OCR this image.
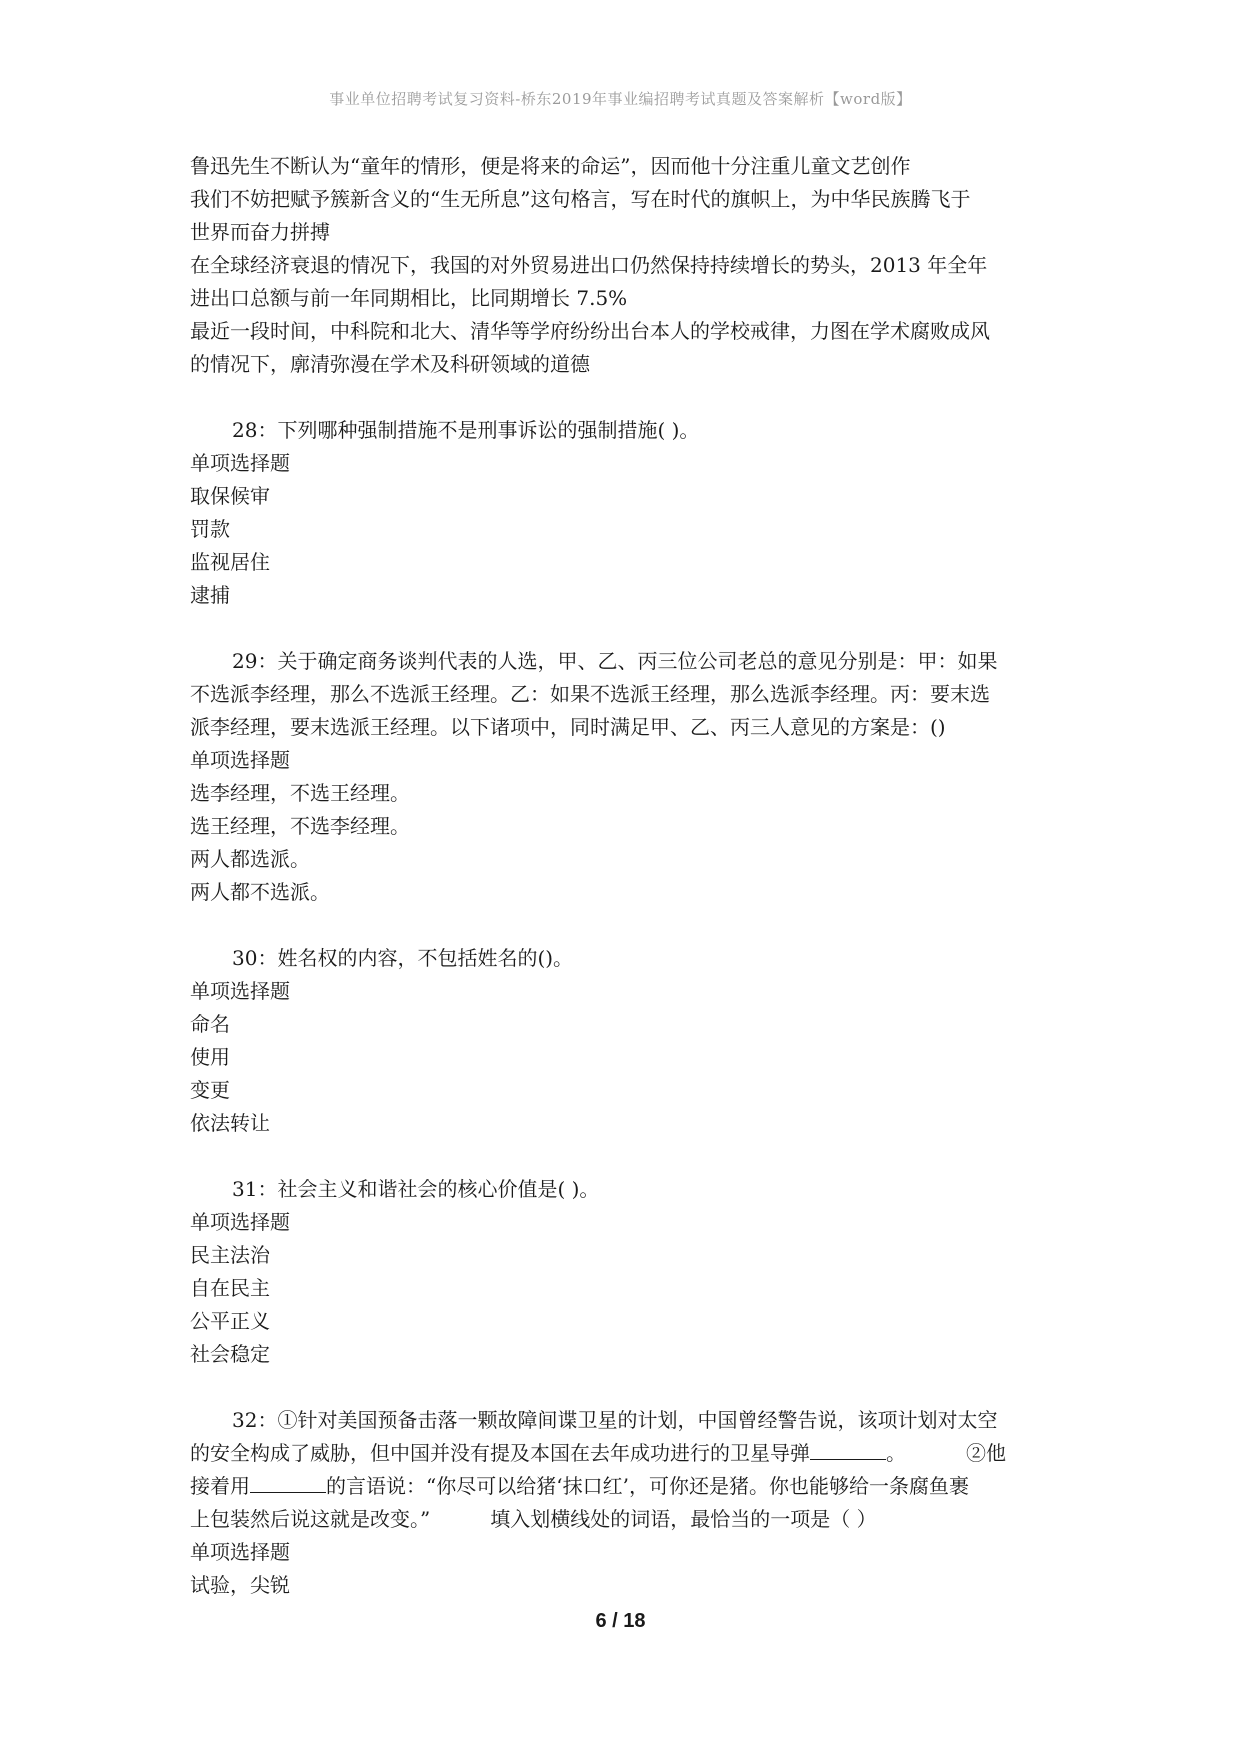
事业单位招聘考试复习资料-桥东2019年事业编招聘考试真题及答案解析【word版】
鲁迅先生不断认为“童年的情形，便是将来的命运”，因而他十分注重儿童文艺创作
我们不妨把赋予簇新含义的“生无所息”这句格言，写在时代的旗帜上，为中华民族腾飞于
世界而奋力拼搏
在全球经济衰退的情况下，我国的对外贸易进出口仍然保持持续增长的势头，2013 年全年
进出口总额与前一年同期相比，比同期增长 7.5%
最近一段时间，中科院和北大、清华等学府纷纷出台本人的学校戒律，力图在学术腐败成风
的情况下，廓清弥漫在学术及科研领域的道德
28：下列哪种强制措施不是刑事诉讼的强制措施( )。
单项选择题
取保候审
罚款
监视居住
逮捕
29：关于确定商务谈判代表的人选，甲、乙、丙三位公司老总的意见分别是：甲：如果
不选派李经理，那么不选派王经理。乙：如果不选派王经理，那么选派李经理。丙：要末选
派李经理，要末选派王经理。以下诸项中，同时满足甲、乙、丙三人意见的方案是：()
单项选择题
选李经理，不选王经理。
选王经理，不选李经理。
两人都选派。
两人都不选派。
30：姓名权的内容，不包括姓名的()。
单项选择题
命名
使用
变更
依法转让
31：社会主义和谐社会的核心价值是( )。
单项选择题
民主法治
自在民主
公平正义
社会稳定
32：①针对美国预备击落一颗故障间谍卫星的计划，中国曾经警告说，该项计划对太空
的安全构成了威胁，但中国并没有提及本国在去年成功进行的卫星导弹	。	②他
接着用	的言语说：“你尽可以给猪‘抹口红’，可你还是猪。你也能够给一条腐鱼裹
上包装然后说这就是改变。”	填入划横线处的词语，最恰当的一项是（ ）
单项选择题
试验，尖锐
6 / 18
